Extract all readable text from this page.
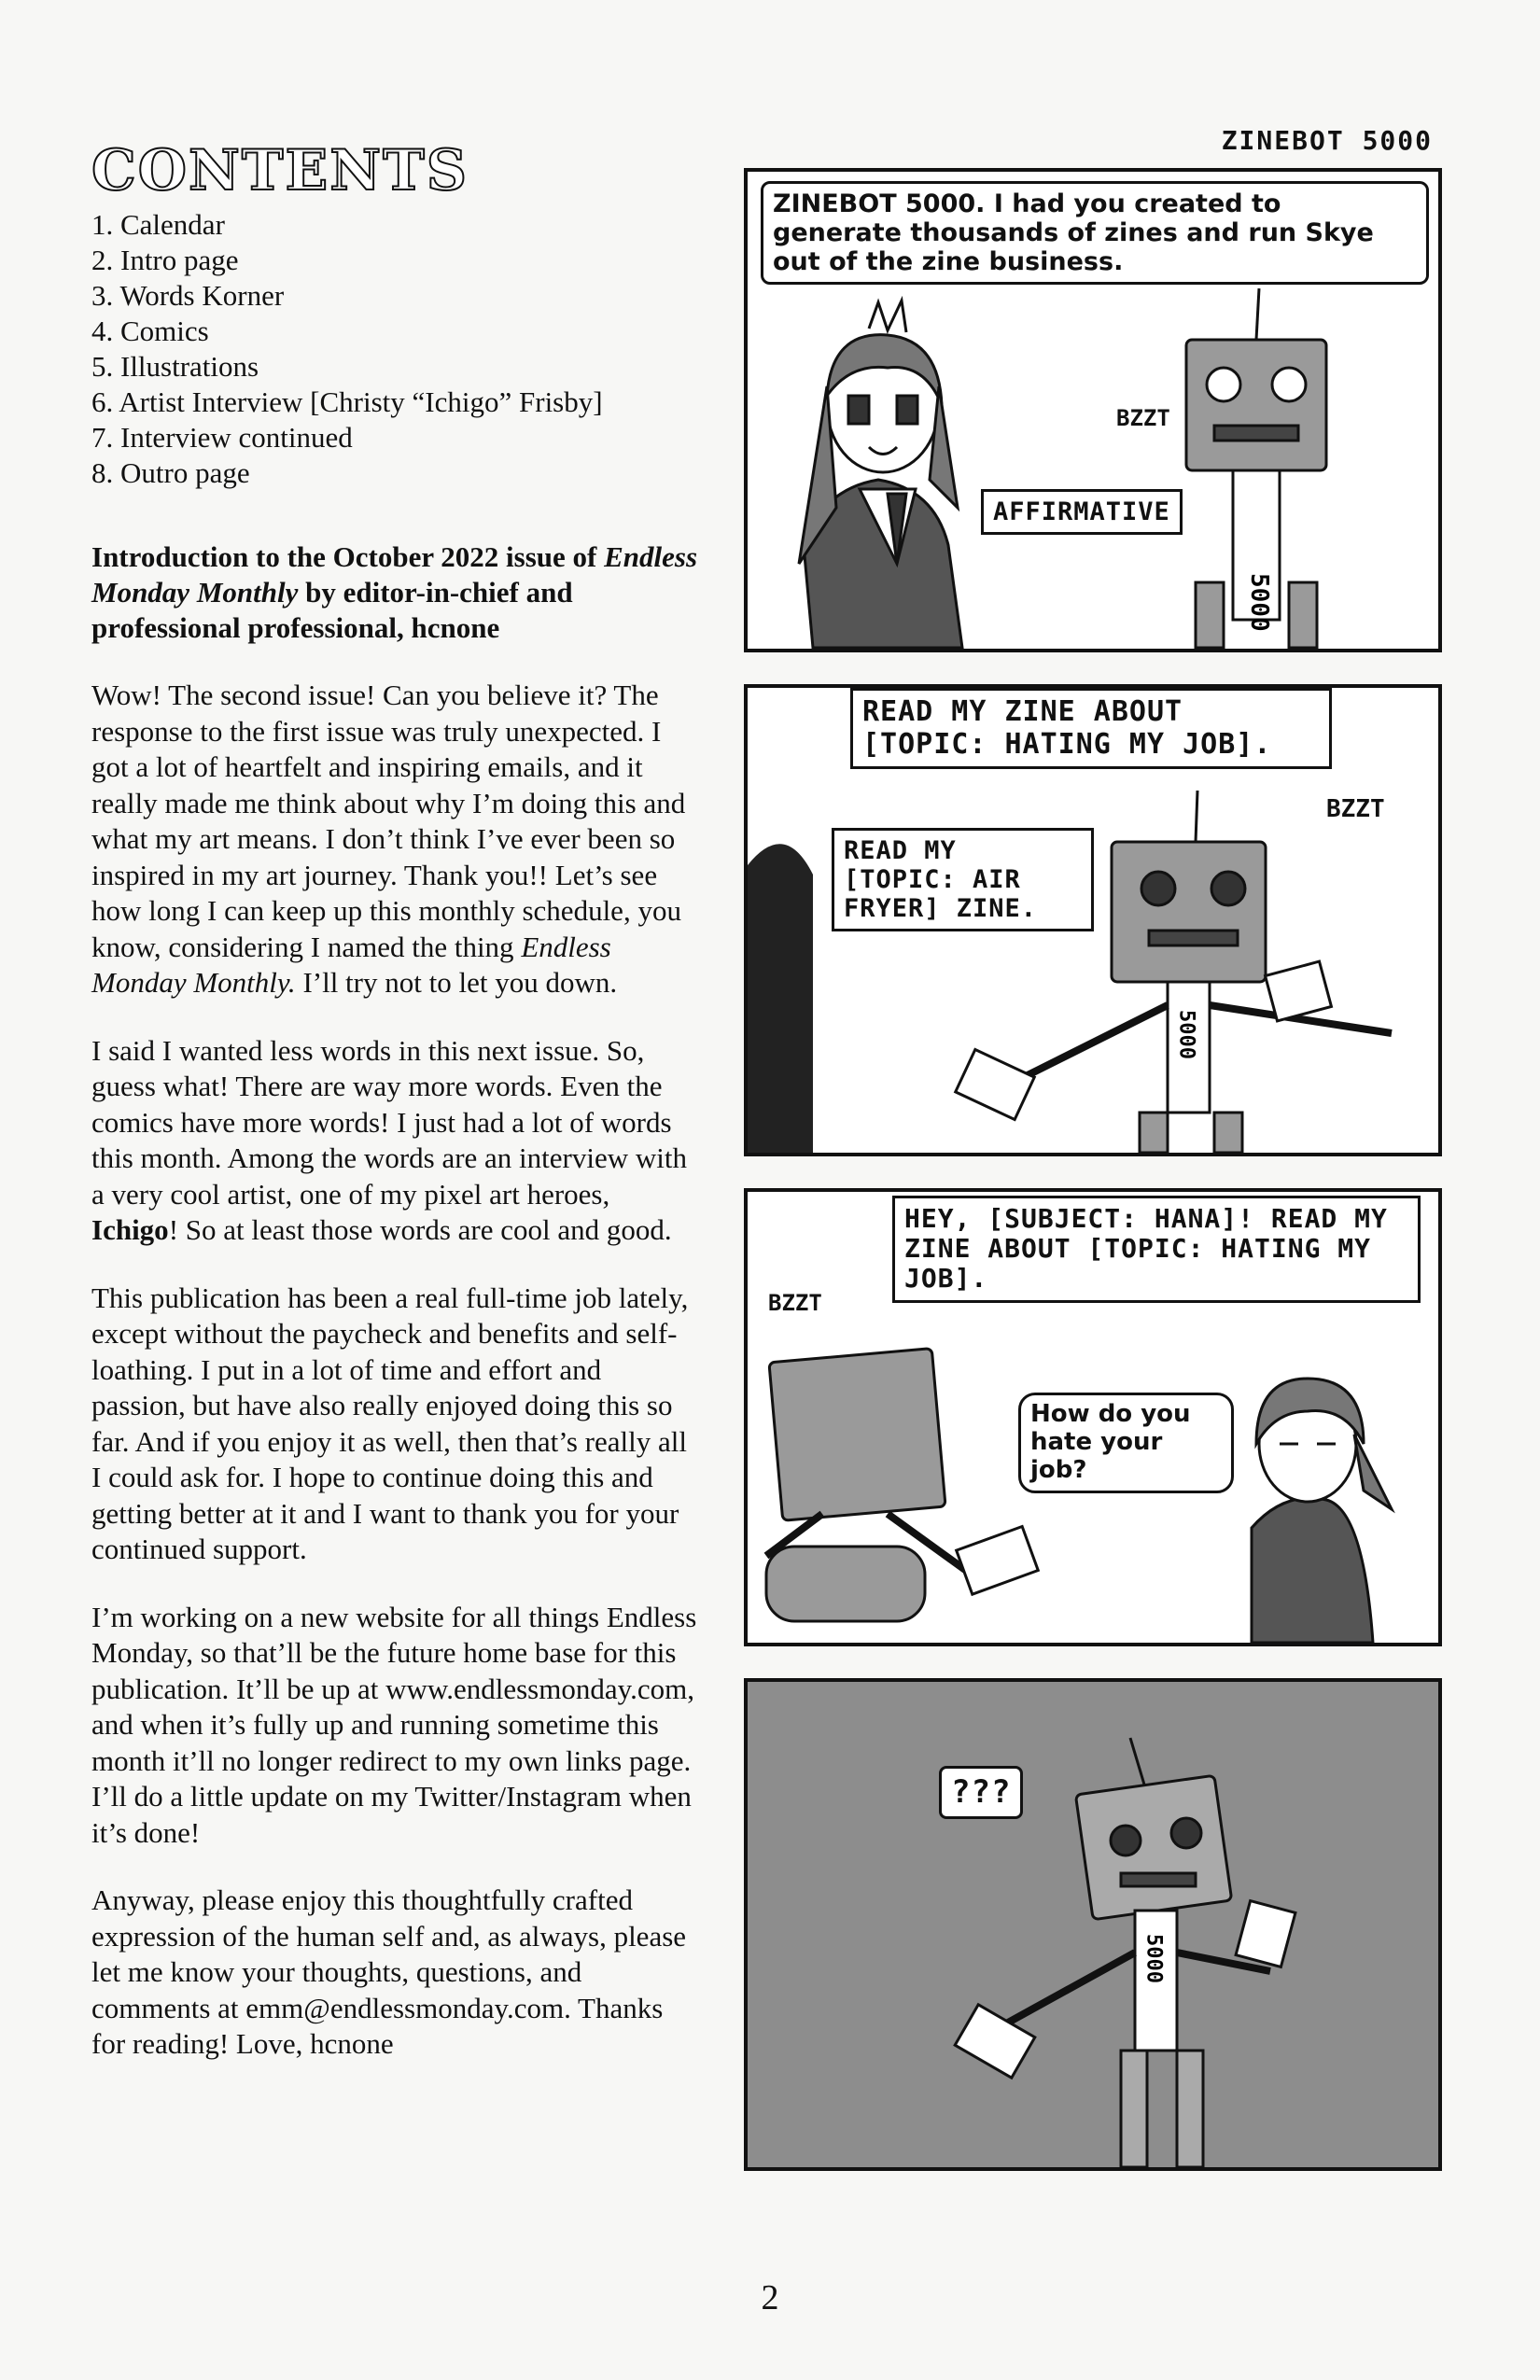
CONTENTS
1. Calendar
2. Intro page
3. Words Korner
4. Comics
5. Illustrations
6. Artist Interview [Christy “Ichigo” Frisby]
7. Interview continued
8. Outro page
Introduction to the October 2022 issue of Endless Monday Monthly by editor-in-chief and professional professional, hcnone
Wow! The second issue! Can you believe it? The response to the first issue was truly unexpected. I got a lot of heartfelt and inspiring emails, and it really made me think about why I’m doing this and what my art means. I don’t think I’ve ever been so inspired in my art journey. Thank you!! Let’s see how long I can keep up this monthly schedule, you know, considering I named the thing Endless Monday Monthly. I’ll try not to let you down.
I said I wanted less words in this next issue. So, guess what! There are way more words. Even the comics have more words! I just had a lot of words this month. Among the words are an interview with a very cool artist, one of my pixel art heroes, Ichigo! So at least those words are cool and good.
This publication has been a real full-time job lately, except without the paycheck and benefits and self-loathing. I put in a lot of time and effort and passion, but have also really enjoyed doing this so far. And if you enjoy it as well, then that’s really all I could ask for. I hope to continue doing this and getting better at it and I want to thank you for your continued support.
I’m working on a new website for all things Endless Monday, so that’ll be the future home base for this publication. It’ll be up at www.endlessmonday.com, and when it’s fully up and running sometime this month it’ll no longer redirect to my own links page. I’ll do a little update on my Twitter/Instagram when it’s done!
Anyway, please enjoy this thoughtfully crafted expression of the human self and, as always, please let me know your thoughts, questions, and comments at emm@endlessmonday.com. Thanks for reading! Love, hcnone
ZINEBOT 5000
ZINEBOT 5000. I had you created to generate thousands of zines and run Skye out of the zine business.
5000
BZZT
AFFIRMATIVE
READ MY ZINE ABOUT [TOPIC: HATING MY JOB].
5000
READ MY [TOPIC: AIR FRYER] ZINE.
BZZT
HEY, [SUBJECT: HANA]! READ MY ZINE ABOUT [TOPIC: HATING MY JOB].
BZZT
How do you hate your job?
5000
???
2
